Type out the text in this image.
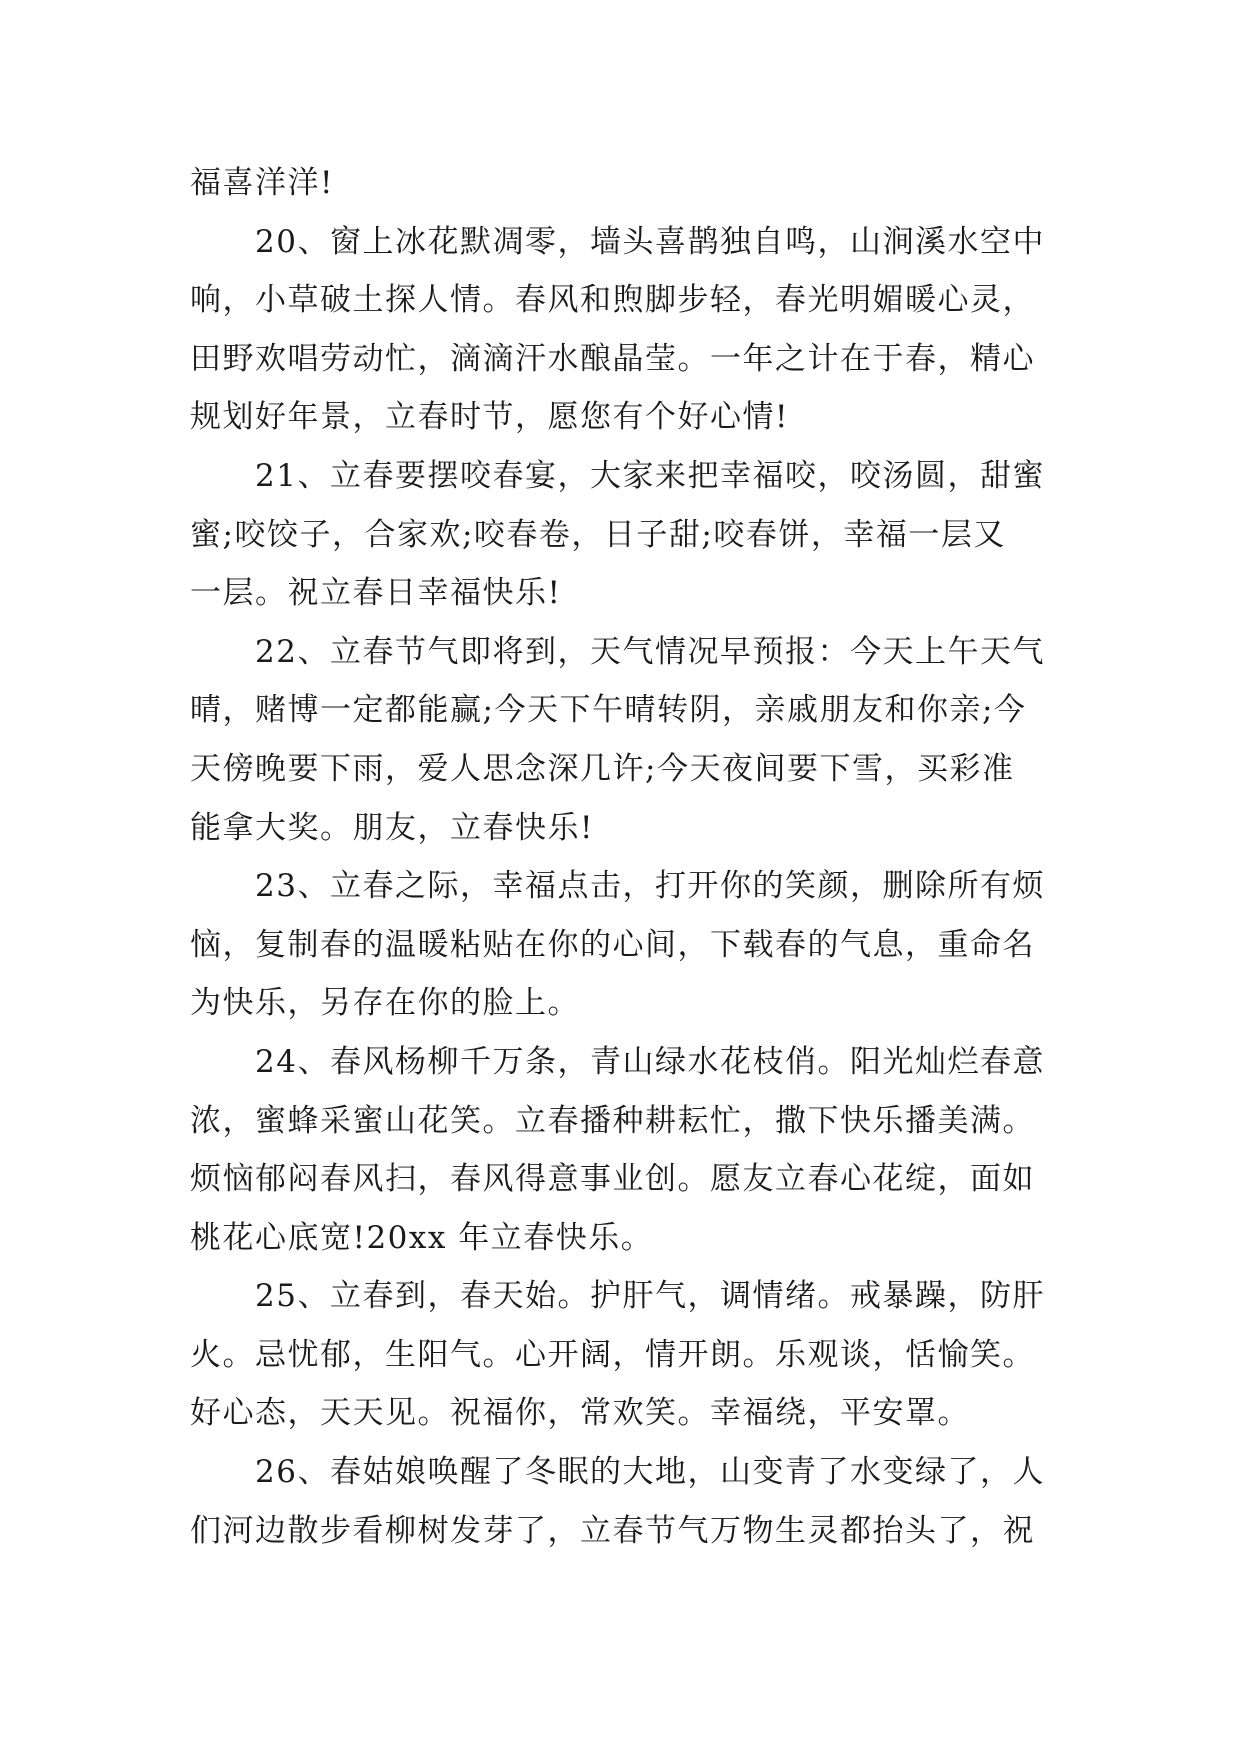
福喜洋洋!
　　20、窗上冰花默凋零，墙头喜鹊独自鸣，山涧溪水空中
响，小草破土探人情。春风和煦脚步轻，春光明媚暖心灵，
田野欢唱劳动忙，滴滴汗水酿晶莹。一年之计在于春，精心
规划好年景，立春时节，愿您有个好心情!
　　21、立春要摆咬春宴，大家来把幸福咬，咬汤圆，甜蜜
蜜;咬饺子，合家欢;咬春卷，日子甜;咬春饼，幸福一层又
一层。祝立春日幸福快乐!
　　22、立春节气即将到，天气情况早预报：今天上午天气
晴，赌博一定都能赢;今天下午晴转阴，亲戚朋友和你亲;今
天傍晚要下雨，爱人思念深几许;今天夜间要下雪，买彩准
能拿大奖。朋友，立春快乐!
　　23、立春之际，幸福点击，打开你的笑颜，删除所有烦
恼，复制春的温暖粘贴在你的心间，下载春的气息，重命名
为快乐，另存在你的脸上。
　　24、春风杨柳千万条，青山绿水花枝俏。阳光灿烂春意
浓，蜜蜂采蜜山花笑。立春播种耕耘忙，撒下快乐播美满。
烦恼郁闷春风扫，春风得意事业创。愿友立春心花绽，面如
桃花心底宽!20xx 年立春快乐。
　　25、立春到，春天始。护肝气，调情绪。戒暴躁，防肝
火。忌忧郁，生阳气。心开阔，情开朗。乐观谈，恬愉笑。
好心态，天天见。祝福你，常欢笑。幸福绕，平安罩。
　　26、春姑娘唤醒了冬眠的大地，山变青了水变绿了，人
们河边散步看柳树发芽了，立春节气万物生灵都抬头了，祝
